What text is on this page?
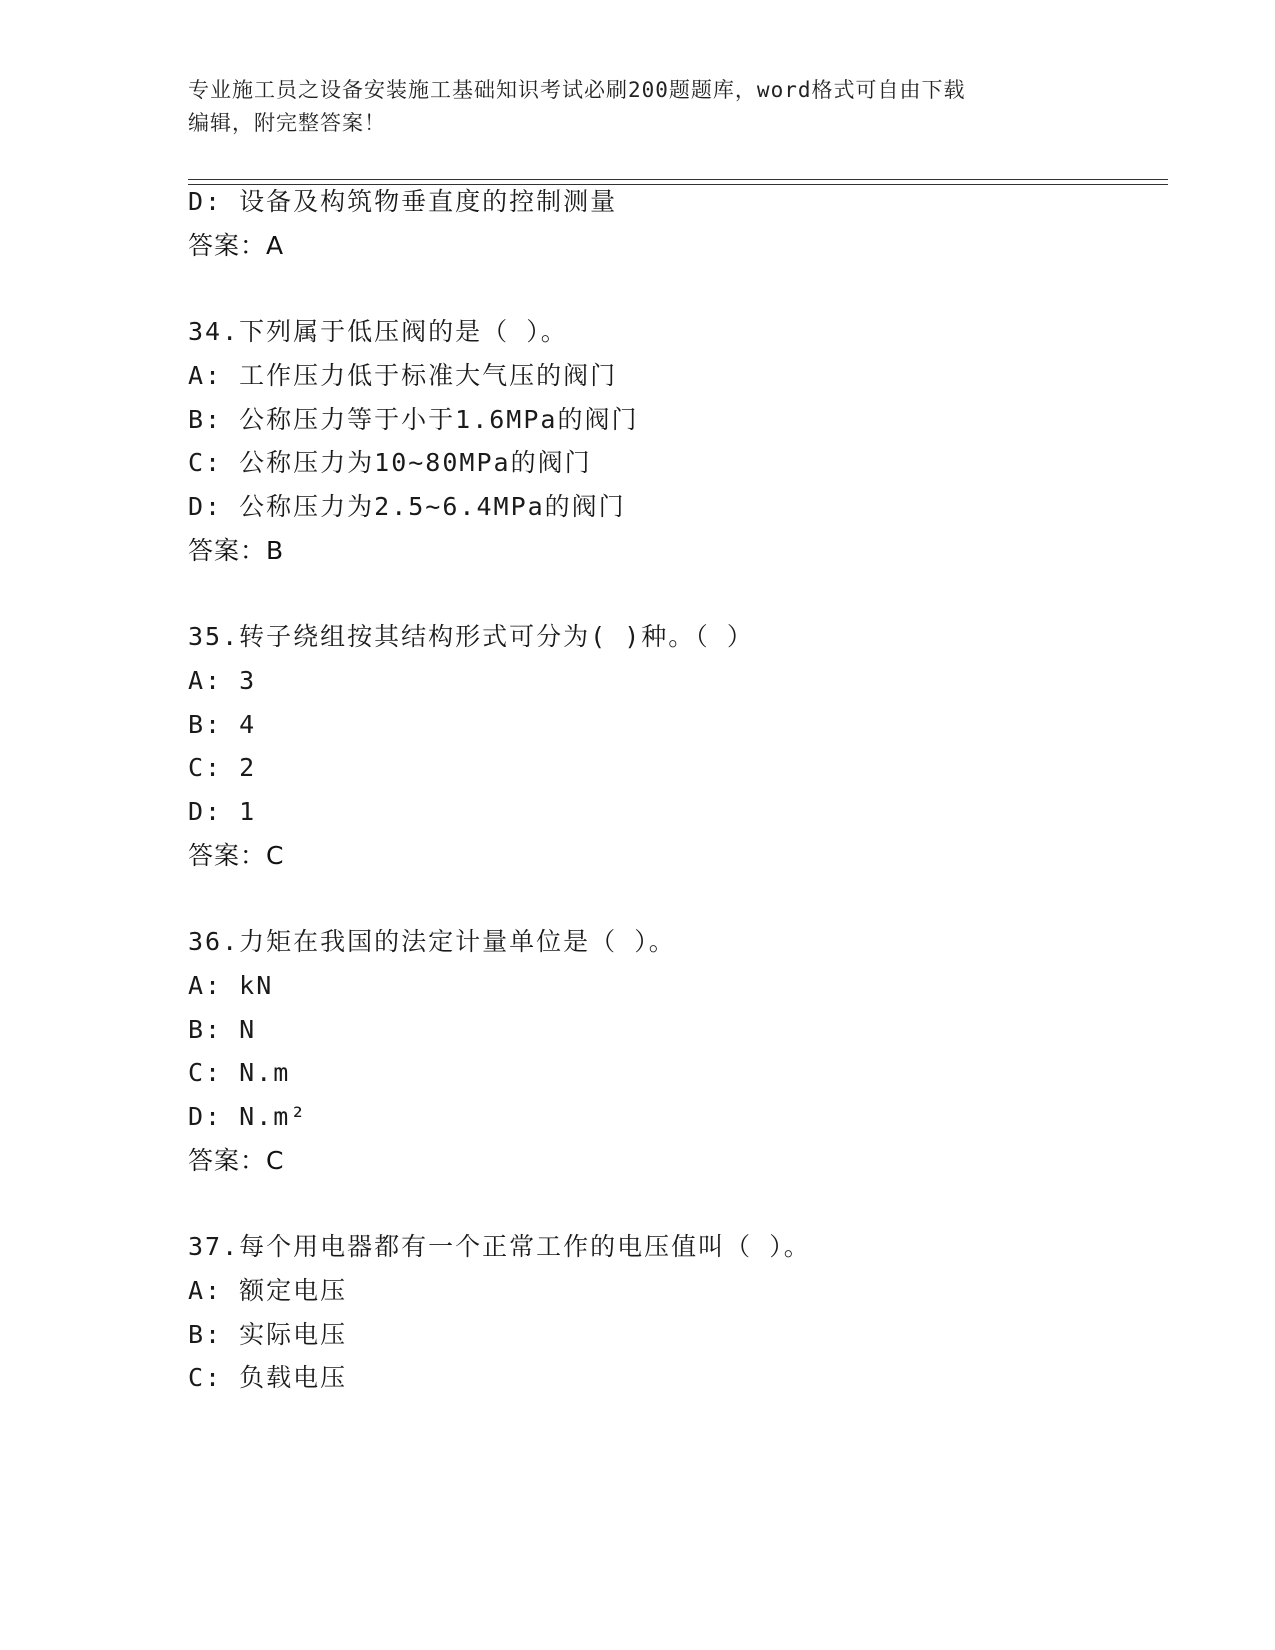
专业施工员之设备安装施工基础知识考试必刷200题题库，word格式可自由下载
编辑，附完整答案！
D: 设备及构筑物垂直度的控制测量
答案：A
34.下列属于低压阀的是（ ）。
A: 工作压力低于标准大气压的阀门
B: 公称压力等于小于1.6MPa的阀门
C: 公称压力为10~80MPa的阀门
D: 公称压力为2.5~6.4MPa的阀门
答案：B
35.转子绕组按其结构形式可分为( )种。（ ）
A: 3
B: 4
C: 2
D: 1
答案：C
36.力矩在我国的法定计量单位是（ ）。
A: kN
B: N
C: N.m
D: N.m²
答案：C
37.每个用电器都有一个正常工作的电压值叫（ ）。
A: 额定电压
B: 实际电压
C: 负载电压
